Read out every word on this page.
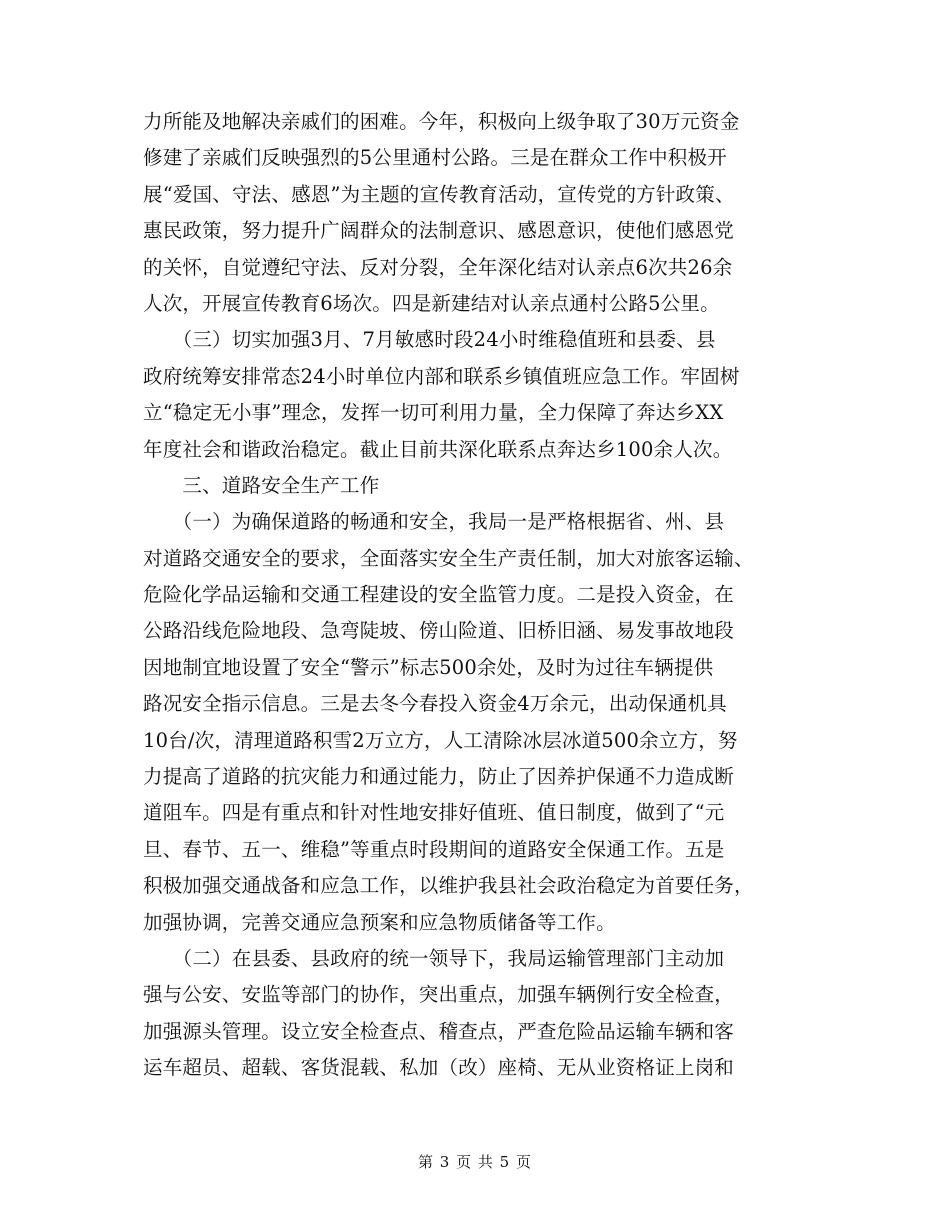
力所能及地解决亲戚们的困难。今年，积极向上级争取了30万元资金
修建了亲戚们反映强烈的5公里通村公路。三是在群众工作中积极开
展“爱国、守法、感恩”为主题的宣传教育活动，宣传党的方针政策、
惠民政策，努力提升广阔群众的法制意识、感恩意识，使他们感恩党
的关怀，自觉遵纪守法、反对分裂，全年深化结对认亲点6次共26余
人次，开展宣传教育6场次。四是新建结对认亲点通村公路5公里。
　　（三）切实加强3月、7月敏感时段24小时维稳值班和县委、县
政府统筹安排常态24小时单位内部和联系乡镇值班应急工作。牢固树
立“稳定无小事”理念，发挥一切可利用力量，全力保障了奔达乡XX
年度社会和谐政治稳定。截止目前共深化联系点奔达乡100余人次。
　　三、道路安全生产工作
　　（一）为确保道路的畅通和安全，我局一是严格根据省、州、县
对道路交通安全的要求，全面落实安全生产责任制，加大对旅客运输、
危险化学品运输和交通工程建设的安全监管力度。二是投入资金，在
公路沿线危险地段、急弯陡坡、傍山险道、旧桥旧涵、易发事故地段
因地制宜地设置了安全“警示”标志500余处，及时为过往车辆提供
路况安全指示信息。三是去冬今春投入资金4万余元，出动保通机具
10台/次，清理道路积雪2万立方，人工清除冰层冰道500余立方，努
力提高了道路的抗灾能力和通过能力，防止了因养护保通不力造成断
道阻车。四是有重点和针对性地安排好值班、值日制度，做到了“元
旦、春节、五一、维稳”等重点时段期间的道路安全保通工作。五是
积极加强交通战备和应急工作，以维护我县社会政治稳定为首要任务，
加强协调，完善交通应急预案和应急物质储备等工作。
　　（二）在县委、县政府的统一领导下，我局运输管理部门主动加
强与公安、安监等部门的协作，突出重点，加强车辆例行安全检查，
加强源头管理。设立安全检查点、稽查点，严查危险品运输车辆和客
运车超员、超载、客货混载、私加（改）座椅、无从业资格证上岗和
第 3 页 共 5 页
